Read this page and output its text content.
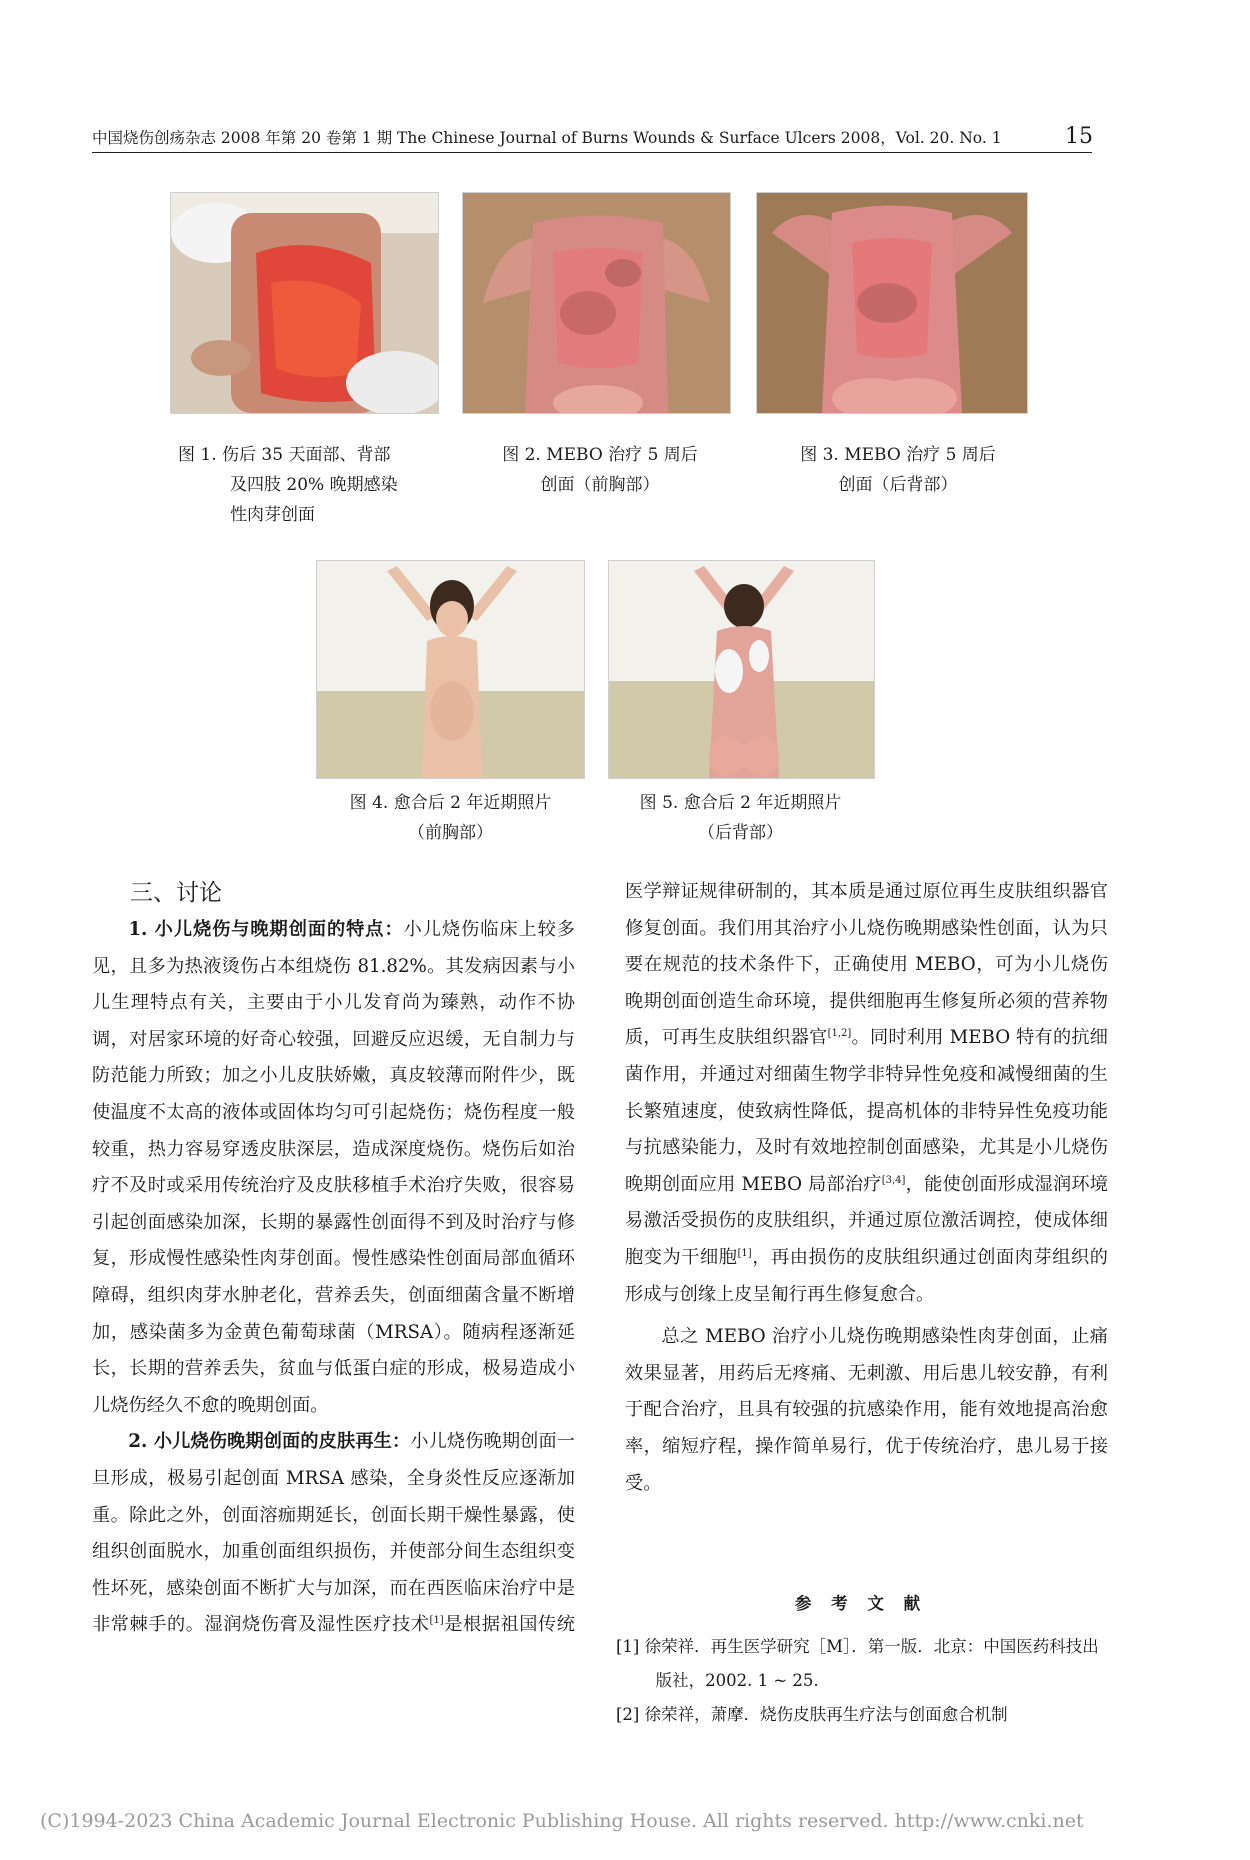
中国烧伤创疡杂志 2008 年第 20 卷第 1 期 The Chinese Journal of Burns Wounds & Surface Ulcers 2008，Vol. 20. No. 1	15
图 1. 伤后 35 天面部、背部
及四肢 20% 晚期感染
性肉芽创面
图 2. MEBO 治疗 5 周后
创面（前胸部）
图 3. MEBO 治疗 5 周后
创面（后背部）
图 4. 愈合后 2 年近期照片
（前胸部）
图 5. 愈合后 2 年近期照片
（后背部）

三、讨论

1. 小儿烧伤与晚期创面的特点：小儿烧伤临床上较多见，且多为热液烫伤占本组烧伤 81.82%。其发病因素与小儿生理特点有关，主要由于小儿发育尚为臻熟，动作不协调，对居家环境的好奇心较强，回避反应迟缓，无自制力与防范能力所致；加之小儿皮肤娇嫩，真皮较薄而附件少，既使温度不太高的液体或固体均匀可引起烧伤；烧伤程度一般较重，热力容易穿透皮肤深层，造成深度烧伤。烧伤后如治疗不及时或采用传统治疗及皮肤移植手术治疗失败，很容易引起创面感染加深，长期的暴露性创面得不到及时治疗与修复，形成慢性感染性肉芽创面。慢性感染性创面局部血循环障碍，组织肉芽水肿老化，营养丢失，创面细菌含量不断增加，感染菌多为金黄色葡萄球菌（MRSA）。随病程逐渐延长，长期的营养丢失，贫血与低蛋白症的形成，极易造成小儿烧伤经久不愈的晚期创面。

2. 小儿烧伤晚期创面的皮肤再生：小儿烧伤晚期创面一旦形成，极易引起创面 MRSA 感染，全身炎性反应逐渐加重。除此之外，创面溶痂期延长，创面长期干燥性暴露，使组织创面脱水，加重创面组织损伤，并使部分间生态组织变性坏死，感染创面不断扩大与加深，而在西医临床治疗中是非常棘手的。湿润烧伤膏及湿性医疗技术[1]是根据祖国传统医学辩证规律研制的，其本质是通过原位再生皮肤组织器官修复创面。我们用其治疗小儿烧伤晚期感染性创面，认为只要在规范的技术条件下，正确使用 MEBO，可为小儿烧伤晚期创面创造生命环境，提供细胞再生修复所必须的营养物质，可再生皮肤组织器官[1,2]。同时利用 MEBO 特有的抗细菌作用，并通过对细菌生物学非特异性免疫和减慢细菌的生长繁殖速度，使致病性降低，提高机体的非特异性免疫功能与抗感染能力，及时有效地控制创面感染，尤其是小儿烧伤晚期创面应用 MEBO 局部治疗[3,4]，能使创面形成湿润环境易激活受损伤的皮肤组织，并通过原位激活调控，使成体细胞变为干细胞[1]，再由损伤的皮肤组织通过创面肉芽组织的形成与创缘上皮呈匍行再生修复愈合。

总之 MEBO 治疗小儿烧伤晚期感染性肉芽创面，止痛效果显著，用药后无疼痛、无刺激、用后患儿较安静，有利于配合治疗，且具有较强的抗感染作用，能有效地提高治愈率，缩短疗程，操作简单易行，优于传统治疗，患儿易于接受。

参 考 文 献

[1] 徐荣祥．再生医学研究［M］．第一版．北京：中国医药科技出版社，2002. 1 ~ 25.

[2] 徐荣祥，萧摩．烧伤皮肤再生疗法与创面愈合机制

(C)1994-2023 China Academic Journal Electronic Publishing House. All rights reserved. http://www.cnki.net
